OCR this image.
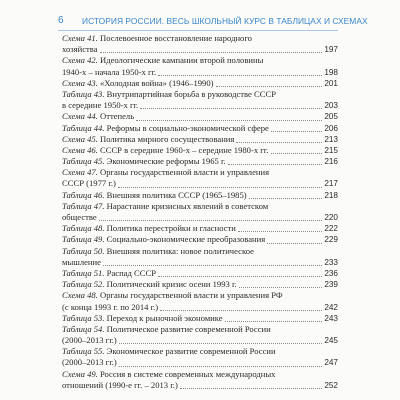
6 ИСТОРИЯ РОССИИ. ВЕСЬ ШКОЛЬНЫЙ КУРС В ТАБЛИЦАХ И СХЕМАХ
Схема 41. Послевоенное восстановление народного
хозяйства	197
Схема 42. Идеологические кампании второй половины
1940-х – начала 1950-х гг.	198
Схема 43. «Холодная война» (1946–1990)	201
Таблица 43. Внутрипартийная борьба в руководстве СССР
в середине 1950-х гг.	203
Схема 44. Оттепель	205
Таблица 44. Реформы в социально-экономической сфере	206
Схема 45. Политика мирного сосуществования	213
Схема 46. СССР в середине 1960-х – середине 1980-х гг.	215
Таблица 45. Экономические реформы 1965 г.	216
Схема 47. Органы государственной власти и управления
СССР (1977 г.)	217
Таблица 46. Внешняя политика СССР (1965–1985)	218
Таблица 47. Нарастание кризисных явлений в советском
обществе	220
Таблица 48. Политика перестройки и гласности	222
Таблица 49. Социально-экономические преобразования	229
Таблица 50. Внешняя политика: новое политическое
мышление	233
Таблица 51. Распад СССР	236
Таблица 52. Политический кризис осени 1993 г.	239
Схема 48. Органы государственной власти и управления РФ
(с конца 1993 г. по 2014 г.)	242
Таблица 53. Переход к рыночной экономике	243
Таблица 54. Политическое развитие современной России
(2000–2013 гг.)	245
Таблица 55. Экономическое развитие современной России
(2000–2013 гг.)	247
Схема 49. Россия в системе современных международных
отношений (1990-е гг. – 2013 г.)	252
